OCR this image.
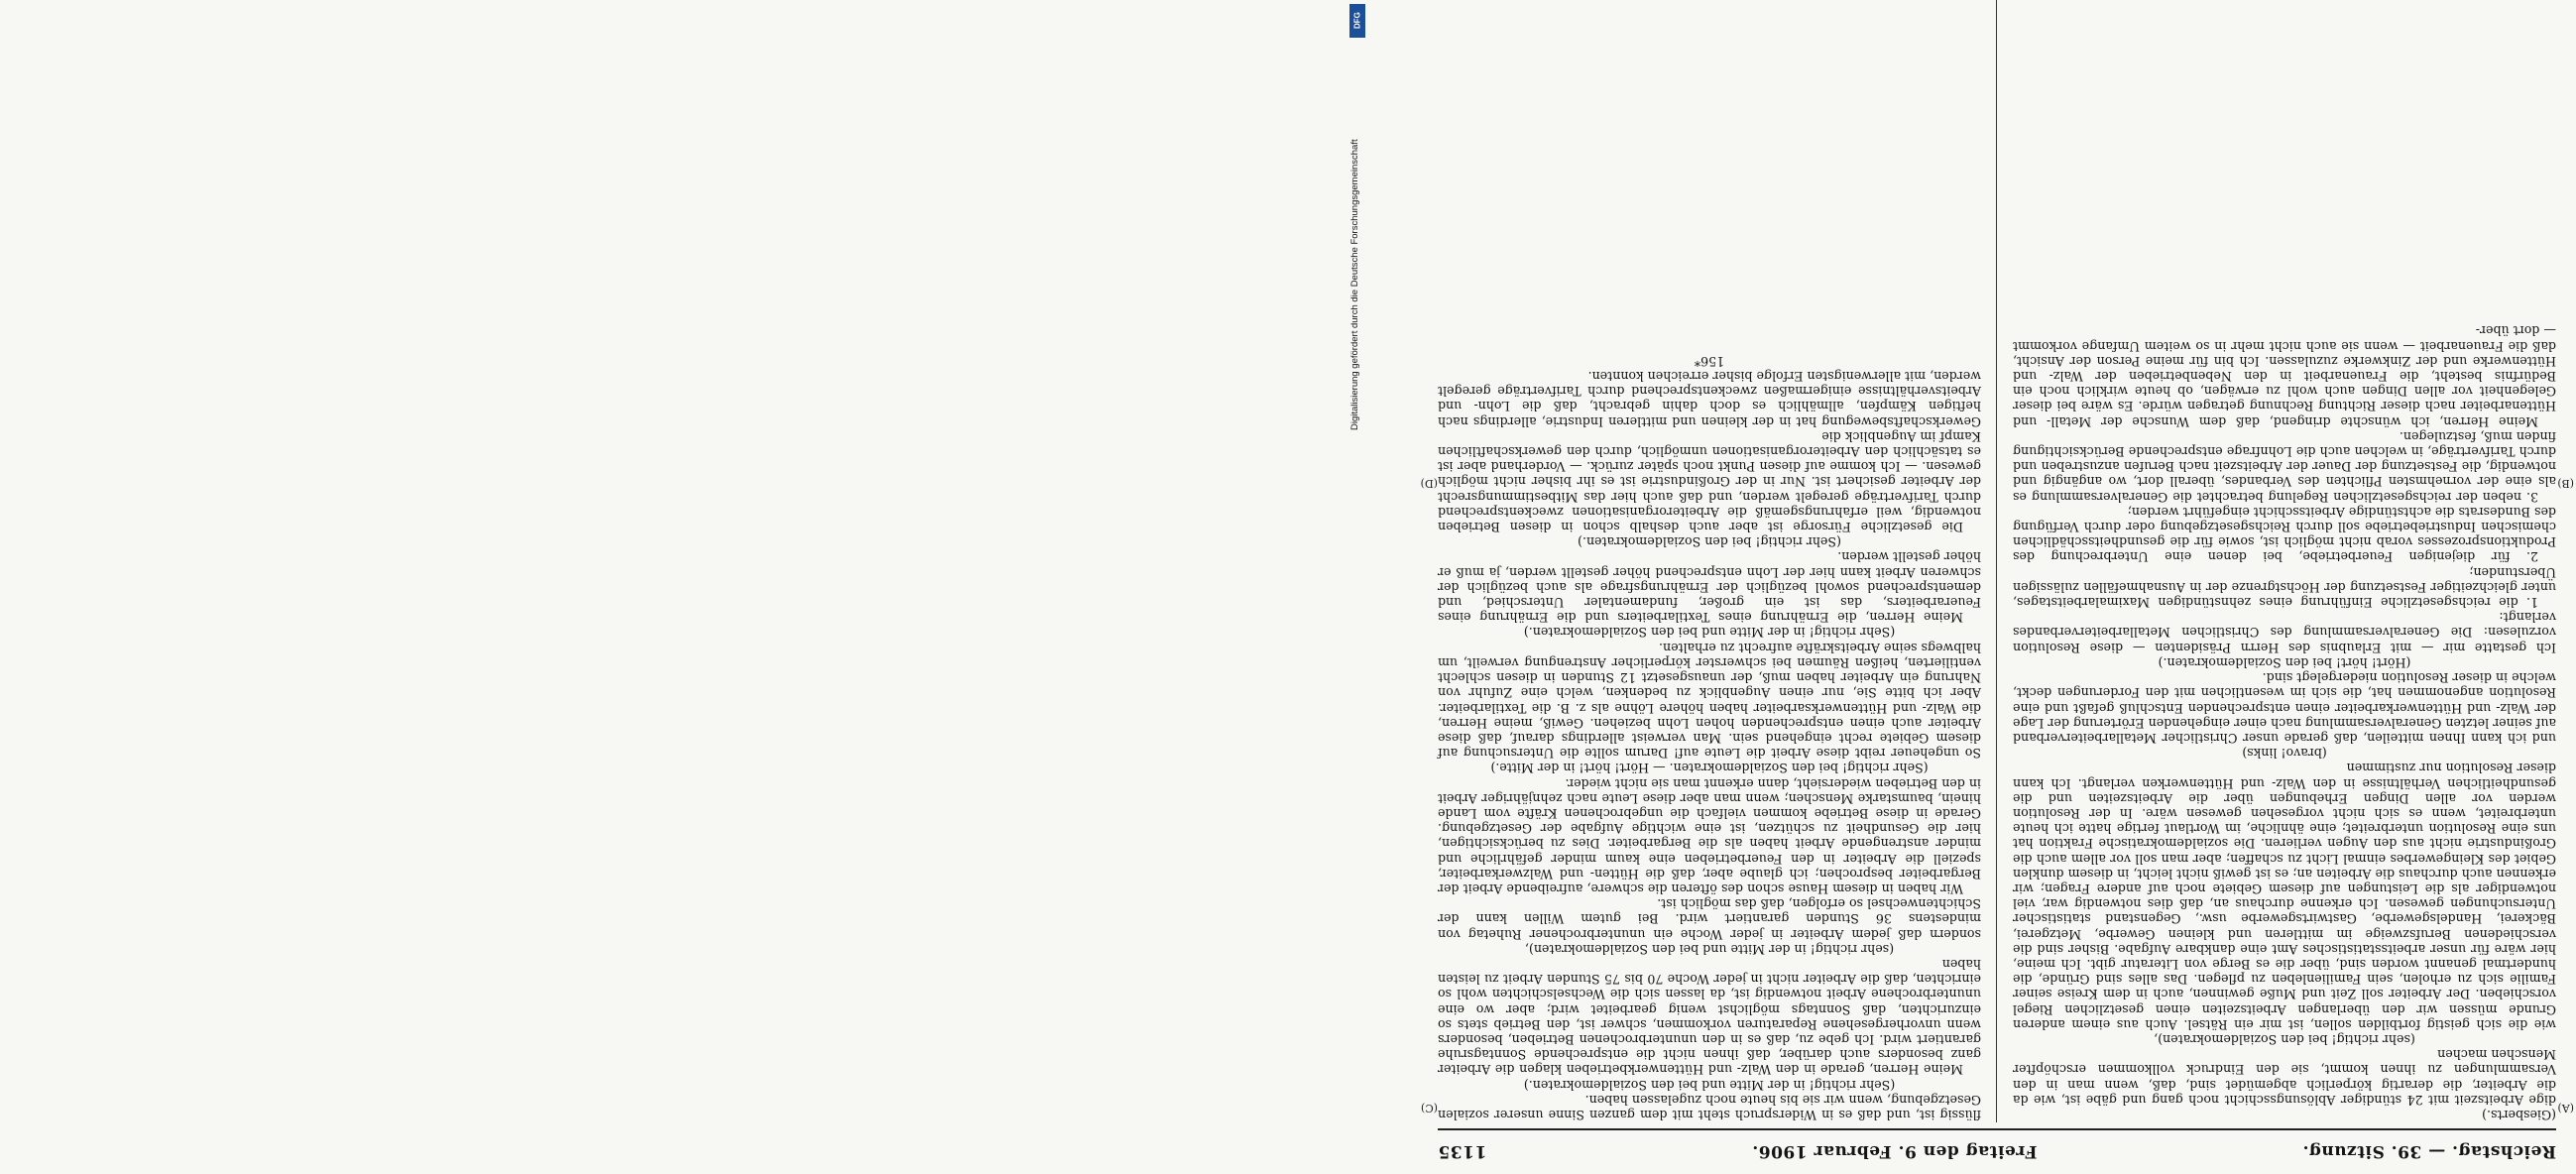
Reichstag. — 39. Sitzung.
Freitag den 9. Februar 1906.
1135

(Giesberts.)

dige Arbeitszeit mit 24 stündiger Ablösungsschicht noch gang und gäbe ist, wie da die Arbeiter, die derartig körperlich abgemüdet sind, daß, wenn man in den Versammlungen zu ihnen kommt, sie den Eindruck vollkommen erschöpfter Menschen machen

(sehr richtig! bei den Sozialdemokraten),

wie die sich geistig fortbilden sollen, ist mir ein Rätsel. Auch aus einem anderen Grunde müssen wir den überlangen Arbeitszeiten einen gesetzlichen Riegel vorschieben. Der Arbeiter soll Zeit und Muße gewinnen, auch in dem Kreise seiner Familie sich zu erholen, sein Familienleben zu pflegen. Das alles sind Gründe, die hundertmal genannt worden sind, über die es Berge von Literatur gibt. Ich meine, hier wäre für unser arbeitsstatistisches Amt eine dankbare Aufgabe. Bisher sind die verschiedenen Berufszweige im mittleren und kleinen Gewerbe, Metzgerei, Bäckerei, Handelsgewerbe, Gastwirtsgewerbe usw., Gegenstand statistischer Untersuchungen gewesen. Ich erkenne durchaus an, daß dies notwendig war, viel notwendiger als die Leistungen auf diesem Gebiete noch auf andere Fragen; wir erkennen auch durchaus die Arbeiten an; es ist gewiß nicht leicht, in diesem dunklen Gebiet des Kleingewerbes einmal Licht zu schaffen; aber man soll vor allem auch die Großindustrie nicht aus den Augen verlieren. Die sozialdemokratische Fraktion hat uns eine Resolution unterbreitet; eine ähnliche, im Wortlaut fertige hatte ich heute unterbreitet, wenn es sich nicht vorgesehen gewesen wäre. In der Resolution werden vor allen Dingen Erhebungen über die Arbeitszeiten und die gesundheitlichen Verhältnisse in den Walz- und Hüttenwerken verlangt. Ich kann dieser Resolution nur zustimmen

(bravo! links)

und ich kann Ihnen mitteilen, daß gerade unser Christlicher Metallarbeiterverband auf seiner letzten Generalversammlung nach einer eingehenden Erörterung der Lage der Walz- und Hüttenwerkarbeiter einen entsprechenden Entschluß gefaßt und eine Resolution angenommen hat, die sich im wesentlichen mit den Forderungen deckt, welche in dieser Resolution niedergelegt sind.

(Hört! hört! bei den Sozialdemokraten.)

Ich gestatte mir — mit Erlaubnis des Herrn Präsidenten — diese Resolution vorzulesen: Die Generalversammlung des Christlichen Metallarbeiterverbandes verlangt:

1. die reichsgesetzliche Einführung eines zehnstündigen Maximalarbeitstages, unter gleichzeitiger Festsetzung der Höchstgrenze der in Ausnahmefällen zulässigen Überstunden;

2. für diejenigen Feuerbetriebe, bei denen eine Unterbrechung des Produktionsprozesses vorab nicht möglich ist, sowie für die gesundheitsschädlichen chemischen Industriebetriebe soll durch Reichsgesetzgebung oder durch Verfügung des Bundesrats die achtstündige Arbeitsschicht eingeführt werden;

3. neben der reichsgesetzlichen Regelung betrachtet die Generalversammlung es als eine der vornehmsten Pflichten des Verbandes, überall dort, wo angängig und notwendig, die Festsetzung der Dauer der Arbeitszeit nach Berufen anzustreben und durch Tarifverträge, in welchen auch die Lohnfrage entsprechende Berücksichtigung finden muß, festzulegen.

Meine Herren, ich wünschte dringend, daß dem Wunsche der Metall- und Hüttenarbeiter nach dieser Richtung Rechnung getragen würde. Es wäre bei dieser Gelegenheit vor allen Dingen auch wohl zu erwägen, ob heute wirklich noch ein Bedürfnis besteht, die Frauenarbeit in den Nebenbetrieben der Walz- und Hüttenwerke und der Zinkwerke zuzulassen. Ich bin für meine Person der Ansicht, daß die Frauenarbeit — wenn sie auch nicht mehr in so weitem Umfange vorkommt — dort über-

flüssig ist, und daß es in Widerspruch steht mit dem ganzen Sinne unserer sozialen Gesetzgebung, wenn wir sie bis heute noch zugelassen haben.

(Sehr richtig! in der Mitte und bei den Sozialdemokraten.)

Meine Herren, gerade in den Walz- und Hüttenwerkbetrieben klagen die Arbeiter ganz besonders auch darüber, daß ihnen nicht die entsprechende Sonntagsruhe garantiert wird. Ich gebe zu, daß es in den ununterbrochenen Betrieben, besonders wenn unvorhergesehene Reparaturen vorkommen, schwer ist, den Betrieb stets so einzurichten, daß Sonntags möglichst wenig gearbeitet wird; aber wo eine ununterbrochene Arbeit notwendig ist, da lassen sich die Wechselschichten wohl so einrichten, daß die Arbeiter nicht in jeder Woche 70 bis 75 Stunden Arbeit zu leisten haben

(sehr richtig! in der Mitte und bei den Sozialdemokraten),

sondern daß jedem Arbeiter in jeder Woche ein ununterbrochener Ruhetag von mindestens 36 Stunden garantiert wird. Bei gutem Willen kann der Schichtenwechsel so erfolgen, daß das möglich ist.

Wir haben in diesem Hause schon des öfteren die schwere, aufreibende Arbeit der Bergarbeiter besprochen; ich glaube aber, daß die Hütten- und Walzwerkarbeiter, speziell die Arbeiter in den Feuerbetrieben eine kaum minder gefährliche und minder anstrengende Arbeit haben als die Bergarbeiter. Dies zu berücksichtigen, hier die Gesundheit zu schützen, ist eine wichtige Aufgabe der Gesetzgebung. Gerade in diese Betriebe kommen vielfach die ungebrochenen Kräfte vom Lande hinein, baumstarke Menschen; wenn man aber diese Leute nach zehnjähriger Arbeit in den Betrieben wiedersieht, dann erkennt man sie nicht wieder.

(Sehr richtig! bei den Sozialdemokraten. — Hört! hört! in der Mitte.)

So ungeheuer reibt diese Arbeit die Leute auf! Darum sollte die Untersuchung auf diesem Gebiete recht eingehend sein. Man verweist allerdings darauf, daß diese Arbeiter auch einen entsprechenden hohen Lohn beziehen. Gewiß, meine Herren, die Walz- und Hüttenwerksarbeiter haben höhere Löhne als z. B. die Textilarbeiter. Aber ich bitte Sie, nur einen Augenblick zu bedenken, welch eine Zufuhr von Nahrung ein Arbeiter haben muß, der unausgesetzt 12 Stunden in diesen schlecht ventilierten, heißen Räumen bei schwerster körperlicher Anstrengung verweilt, um halbwegs seine Arbeitskräfte aufrecht zu erhalten.

(Sehr richtig! in der Mitte und bei den Sozialdemokraten.)

Meine Herren, die Ernährung eines Textilarbeiters und die Ernährung eines Feuerarbeiters, das ist ein großer, fundamentaler Unterschied, und dementsprechend sowohl bezüglich der Ernährungsfrage als auch bezüglich der schweren Arbeit kann hier der Lohn entsprechend höher gestellt werden, ja muß er höher gestellt werden.

(Sehr richtig! bei den Sozialdemokraten.)

Die gesetzliche Fürsorge ist aber auch deshalb schon in diesen Betrieben notwendig, weil erfahrungsgemäß die Arbeiterorganisationen zweckentsprechend durch Tarifverträge geregelt werden, und daß auch hier das Mitbestimmungsrecht der Arbeiter gesichert ist. Nur in der Großindustrie ist es ihr bisher nicht möglich gewesen. — Ich komme auf diesen Punkt noch später zurück. — Vorderhand aber ist es tatsächlich den Arbeiterorganisationen unmöglich, durch den gewerkschaftlichen Kampf im Augenblick die

Gewerkschaftsbewegung hat in der kleinen und mittleren Industrie, allerdings nach heftigen Kämpfen, allmählich es doch dahin gebracht, daß die Lohn- und Arbeitsverhältnisse einigermaßen zweckentsprechend durch Tarifverträge geregelt werden, mit allerwenigsten Erfolge bisher erreichen konnten.

156*

(A)
(B)
(C)
(D)
DFG
Digitalisierung gefördert durch die Deutsche Forschungsgemeinschaft
